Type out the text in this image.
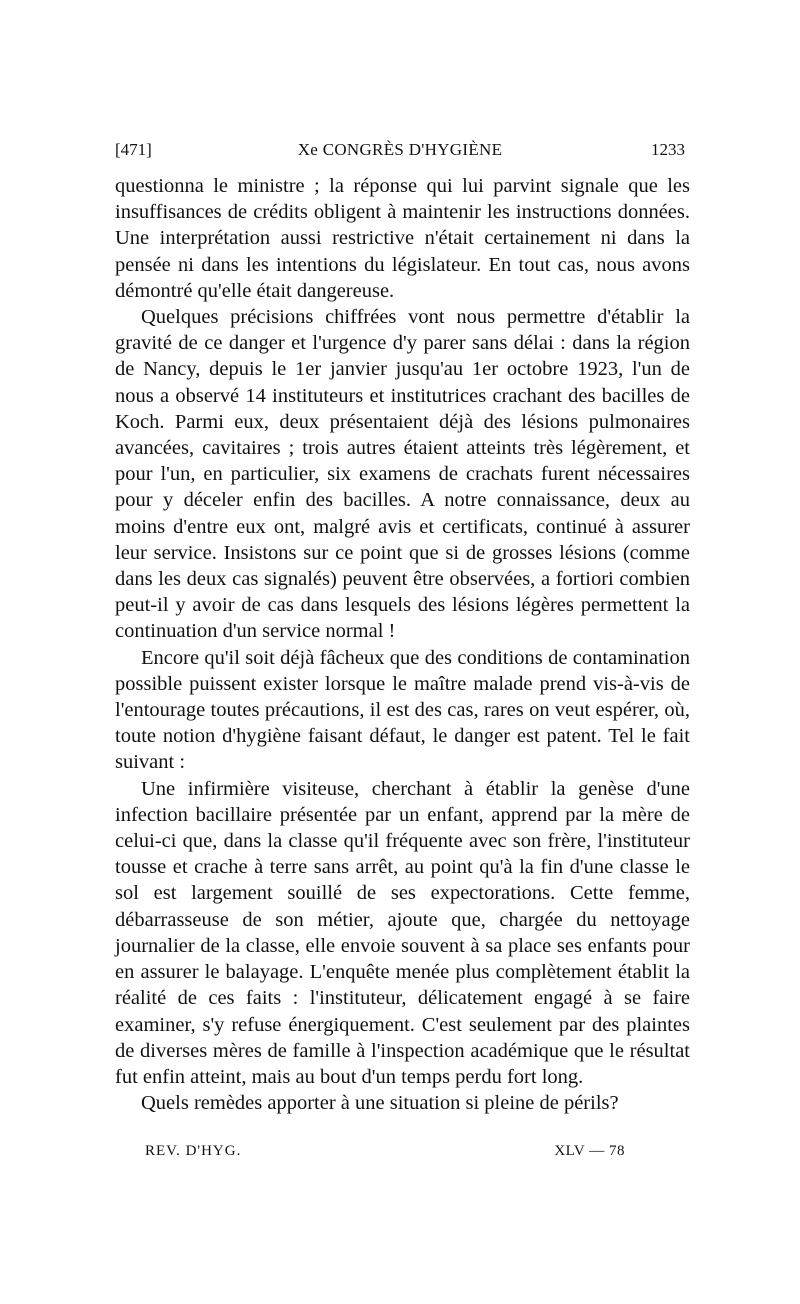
[471]	Xe CONGRÈS D'HYGIÈNE	1233

questionna le ministre ; la réponse qui lui parvint signale que les insuffisances de crédits obligent à maintenir les instructions données. Une interprétation aussi restrictive n'était certainement ni dans la pensée ni dans les intentions du législateur. En tout cas, nous avons démontré qu'elle était dangereuse.

Quelques précisions chiffrées vont nous permettre d'établir la gravité de ce danger et l'urgence d'y parer sans délai : dans la région de Nancy, depuis le 1er janvier jusqu'au 1er octobre 1923, l'un de nous a observé 14 instituteurs et institutrices crachant des bacilles de Koch. Parmi eux, deux présentaient déjà des lésions pulmonaires avancées, cavitaires ; trois autres étaient atteints très légèrement, et pour l'un, en particulier, six examens de crachats furent nécessaires pour y déceler enfin des bacilles. A notre connaissance, deux au moins d'entre eux ont, malgré avis et certificats, continué à assurer leur service. Insistons sur ce point que si de grosses lésions (comme dans les deux cas signalés) peuvent être observées, a fortiori combien peut-il y avoir de cas dans lesquels des lésions légères permettent la continuation d'un service normal !

Encore qu'il soit déjà fâcheux que des conditions de contamination possible puissent exister lorsque le maître malade prend vis-à-vis de l'entourage toutes précautions, il est des cas, rares on veut espérer, où, toute notion d'hygiène faisant défaut, le danger est patent. Tel le fait suivant :

Une infirmière visiteuse, cherchant à établir la genèse d'une infection bacillaire présentée par un enfant, apprend par la mère de celui-ci que, dans la classe qu'il fréquente avec son frère, l'instituteur tousse et crache à terre sans arrêt, au point qu'à la fin d'une classe le sol est largement souillé de ses expectorations. Cette femme, débarrasseuse de son métier, ajoute que, chargée du nettoyage journalier de la classe, elle envoie souvent à sa place ses enfants pour en assurer le balayage. L'enquête menée plus complètement établit la réalité de ces faits : l'instituteur, délicatement engagé à se faire examiner, s'y refuse énergiquement. C'est seulement par des plaintes de diverses mères de famille à l'inspection académique que le résultat fut enfin atteint, mais au bout d'un temps perdu fort long.

Quels remèdes apporter à une situation si pleine de périls?

REV. D'HYG.	XLV — 78
